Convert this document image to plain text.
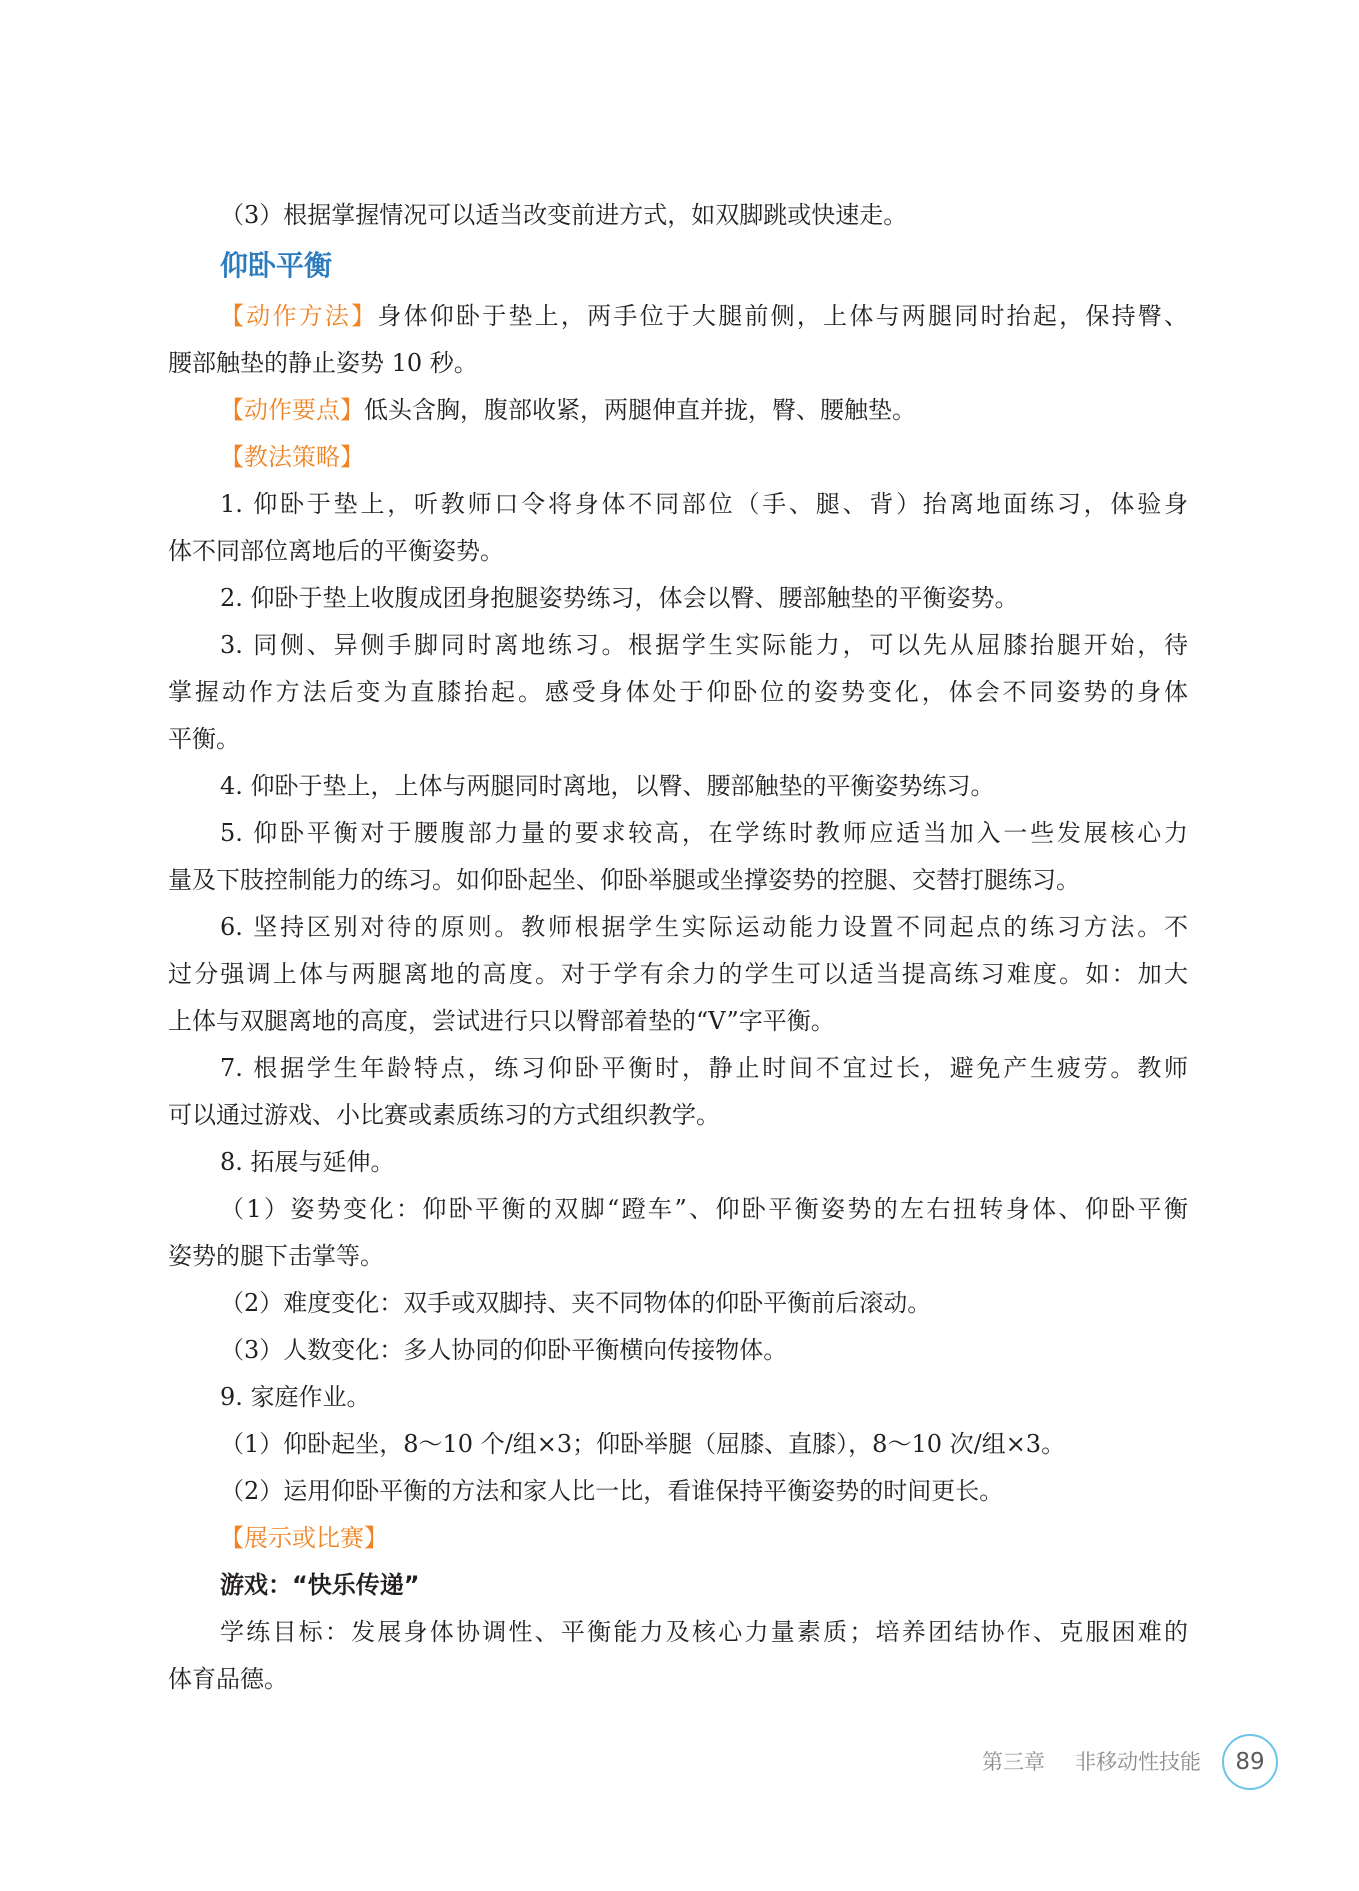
（3）根据掌握情况可以适当改变前进方式，如双脚跳或快速走。
仰卧平衡
【动作方法】身体仰卧于垫上，两手位于大腿前侧，上体与两腿同时抬起，保持臀、
腰部触垫的静止姿势 10 秒。
【动作要点】低头含胸，腹部收紧，两腿伸直并拢，臀、腰触垫。
【教法策略】
1. 仰卧于垫上，听教师口令将身体不同部位（手、腿、背）抬离地面练习，体验身
体不同部位离地后的平衡姿势。
2. 仰卧于垫上收腹成团身抱腿姿势练习，体会以臀、腰部触垫的平衡姿势。
3. 同侧、异侧手脚同时离地练习。根据学生实际能力，可以先从屈膝抬腿开始，待
掌握动作方法后变为直膝抬起。感受身体处于仰卧位的姿势变化，体会不同姿势的身体
平衡。
4. 仰卧于垫上，上体与两腿同时离地，以臀、腰部触垫的平衡姿势练习。
5. 仰卧平衡对于腰腹部力量的要求较高，在学练时教师应适当加入一些发展核心力
量及下肢控制能力的练习。如仰卧起坐、仰卧举腿或坐撑姿势的控腿、交替打腿练习。
6. 坚持区别对待的原则。教师根据学生实际运动能力设置不同起点的练习方法。不
过分强调上体与两腿离地的高度。对于学有余力的学生可以适当提高练习难度。如：加大
上体与双腿离地的高度，尝试进行只以臀部着垫的“V”字平衡。
7. 根据学生年龄特点，练习仰卧平衡时，静止时间不宜过长，避免产生疲劳。教师
可以通过游戏、小比赛或素质练习的方式组织教学。
8. 拓展与延伸。
（1）姿势变化：仰卧平衡的双脚“蹬车”、仰卧平衡姿势的左右扭转身体、仰卧平衡
姿势的腿下击掌等。
（2）难度变化：双手或双脚持、夹不同物体的仰卧平衡前后滚动。
（3）人数变化：多人协同的仰卧平衡横向传接物体。
9. 家庭作业。
（1）仰卧起坐，8～10 个/组×3；仰卧举腿（屈膝、直膝），8～10 次/组×3。
（2）运用仰卧平衡的方法和家人比一比，看谁保持平衡姿势的时间更长。
【展示或比赛】
游戏：“快乐传递”
学练目标：发展身体协调性、平衡能力及核心力量素质；培养团结协作、克服困难的
体育品德。
第三章 非移动性技能	89
